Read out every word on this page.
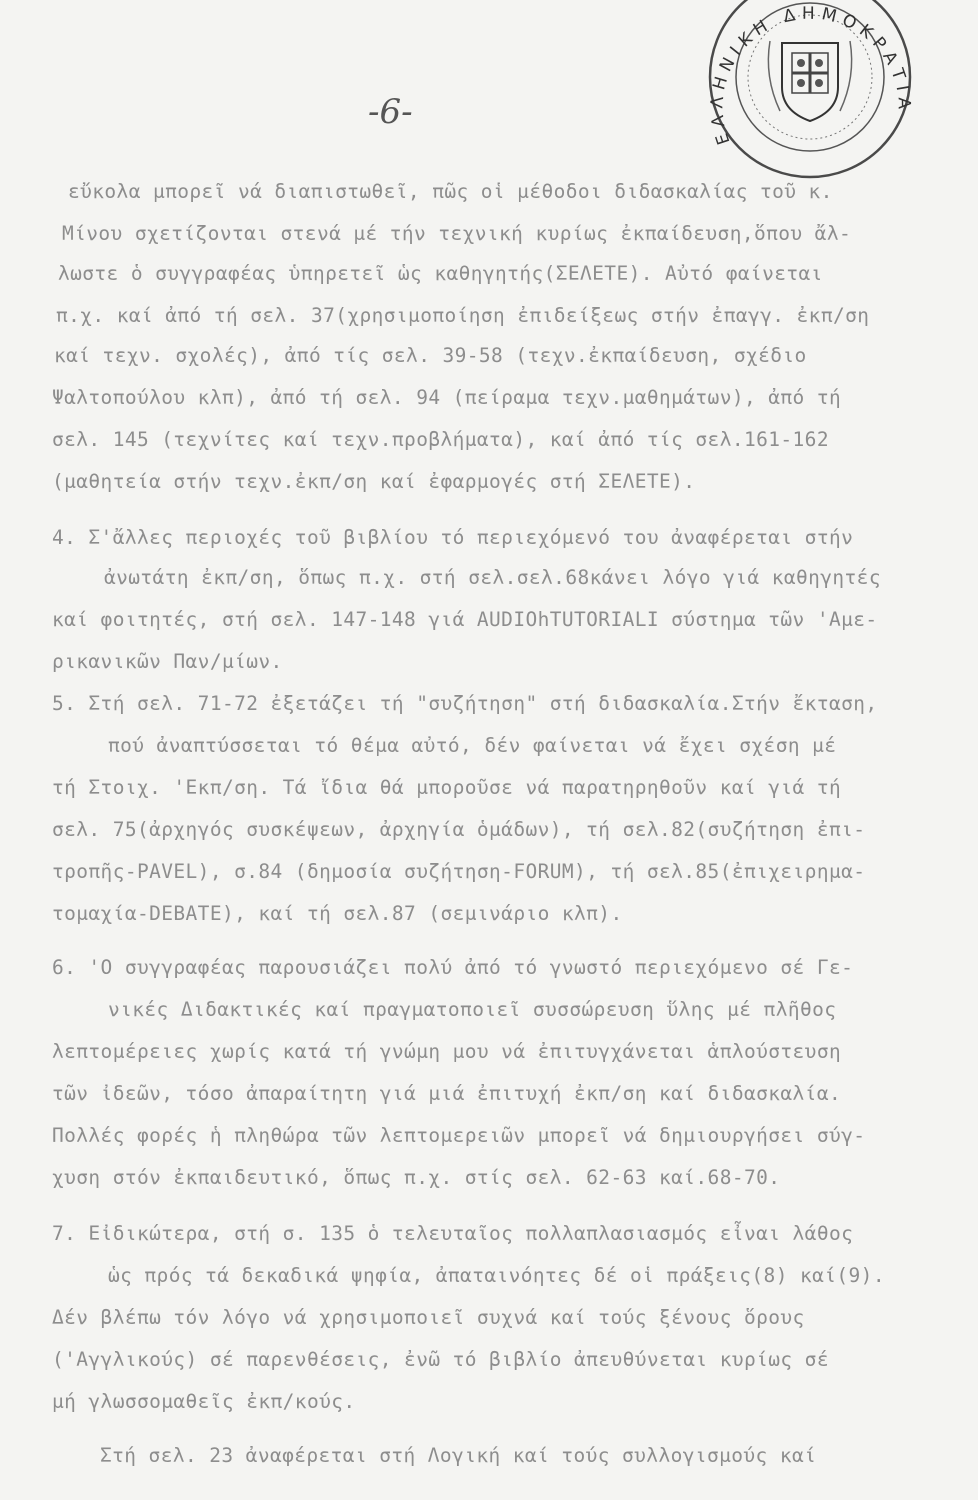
-6-
ΕΛΛΗΝΙΚΗ ΔΗΜΟΚΡΑΤΙΑ
εὔκολα μπορεῖ νά διαπιστωθεῖ, πῶς οἱ μέθοδοι διδασκαλίας τοῦ κ.
Μίνου σχετίζονται στενά μέ τήν τεχνική κυρίως ἐκπαίδευση,ὅπου ἄλ-
λωστε ὁ συγγραφέας ὑπηρετεῖ ὡς καθηγητής(ΣΕΛΕΤΕ). Αὐτό φαίνεται
π.χ. καί ἀπό τή σελ. 37(χρησιμοποίηση ἐπιδείξεως στήν ἐπαγγ. ἐκπ/ση
καί τεχν. σχολές), ἀπό τίς σελ. 39-58 (τεχν.ἐκπαίδευση, σχέδιο
Ψαλτοπούλου κλπ), ἀπό τή σελ. 94 (πείραμα τεχν.μαθημάτων), ἀπό τή
σελ. 145 (τεχνίτες καί τεχν.προβλήματα), καί ἀπό τίς σελ.161-162
(μαθητεία στήν τεχν.ἐκπ/ση καί ἐφαρμογές στή ΣΕΛΕΤΕ).
4. Σ'ἄλλες περιοχές τοῦ βιβλίου τό περιεχόμενό του ἀναφέρεται στήν
ἀνωτάτη ἐκπ/ση, ὅπως π.χ. στή σελ.σελ.68κάνει λόγο γιά καθηγητές
καί φοιτητές, στή σελ. 147-148 γιά AUDIOhTUTORIALI σύστημα τῶν 'Αμε-
ρικανικῶν Παν/μίων.
5. Στή σελ. 71-72 ἐξετάζει τή "συζήτηση" στή διδασκαλία.Στήν ἔκταση,
πού ἀναπτύσσεται τό θέμα αὐτό, δέν φαίνεται νά ἔχει σχέση μέ
τή Στοιχ. 'Εκπ/ση. Τά ἴδια θά μποροῦσε νά παρατηρηθοῦν καί γιά τή
σελ. 75(ἀρχηγός συσκέψεων, ἀρχηγία ὁμάδων), τή σελ.82(συζήτηση ἐπι-
τροπῆς-PAVEL), σ.84 (δημοσία συζήτηση-FORUM), τή σελ.85(ἐπιχειρημα-
τομαχία-DEBATE), καί τή σελ.87 (σεμινάριο κλπ).
6. 'Ο συγγραφέας παρουσιάζει πολύ ἀπό τό γνωστό περιεχόμενο σέ Γε-
νικές Διδακτικές καί πραγματοποιεῖ συσσώρευση ὕλης μέ πλῆθος
λεπτομέρειες χωρίς κατά τή γνώμη μου νά ἐπιτυγχάνεται ἁπλούστευση
τῶν ἰδεῶν, τόσο ἀπαραίτητη γιά μιά ἐπιτυχή ἐκπ/ση καί διδασκαλία.
Πολλές φορές ἡ πληθώρα τῶν λεπτομερειῶν μπορεῖ νά δημιουργήσει σύγ-
χυση στόν ἐκπαιδευτικό, ὅπως π.χ. στίς σελ. 62-63 καί.68-70.
7. Εἰδικώτερα, στή σ. 135 ὁ τελευταῖος πολλαπλασιασμός εἶναι λάθος
ὡς πρός τά δεκαδικά ψηφία, ἀπαταινόητες δέ οἱ πράξεις(8) καί(9).
Δέν βλέπω τόν λόγο νά χρησιμοποιεῖ συχνά καί τούς ξένους ὅρους
('Αγγλικούς) σέ παρενθέσεις, ἐνῶ τό βιβλίο ἀπευθύνεται κυρίως σέ
μή γλωσσομαθεῖς ἐκπ/κούς.
Στή σελ. 23 ἀναφέρεται στή Λογική καί τούς συλλογισμούς καί
